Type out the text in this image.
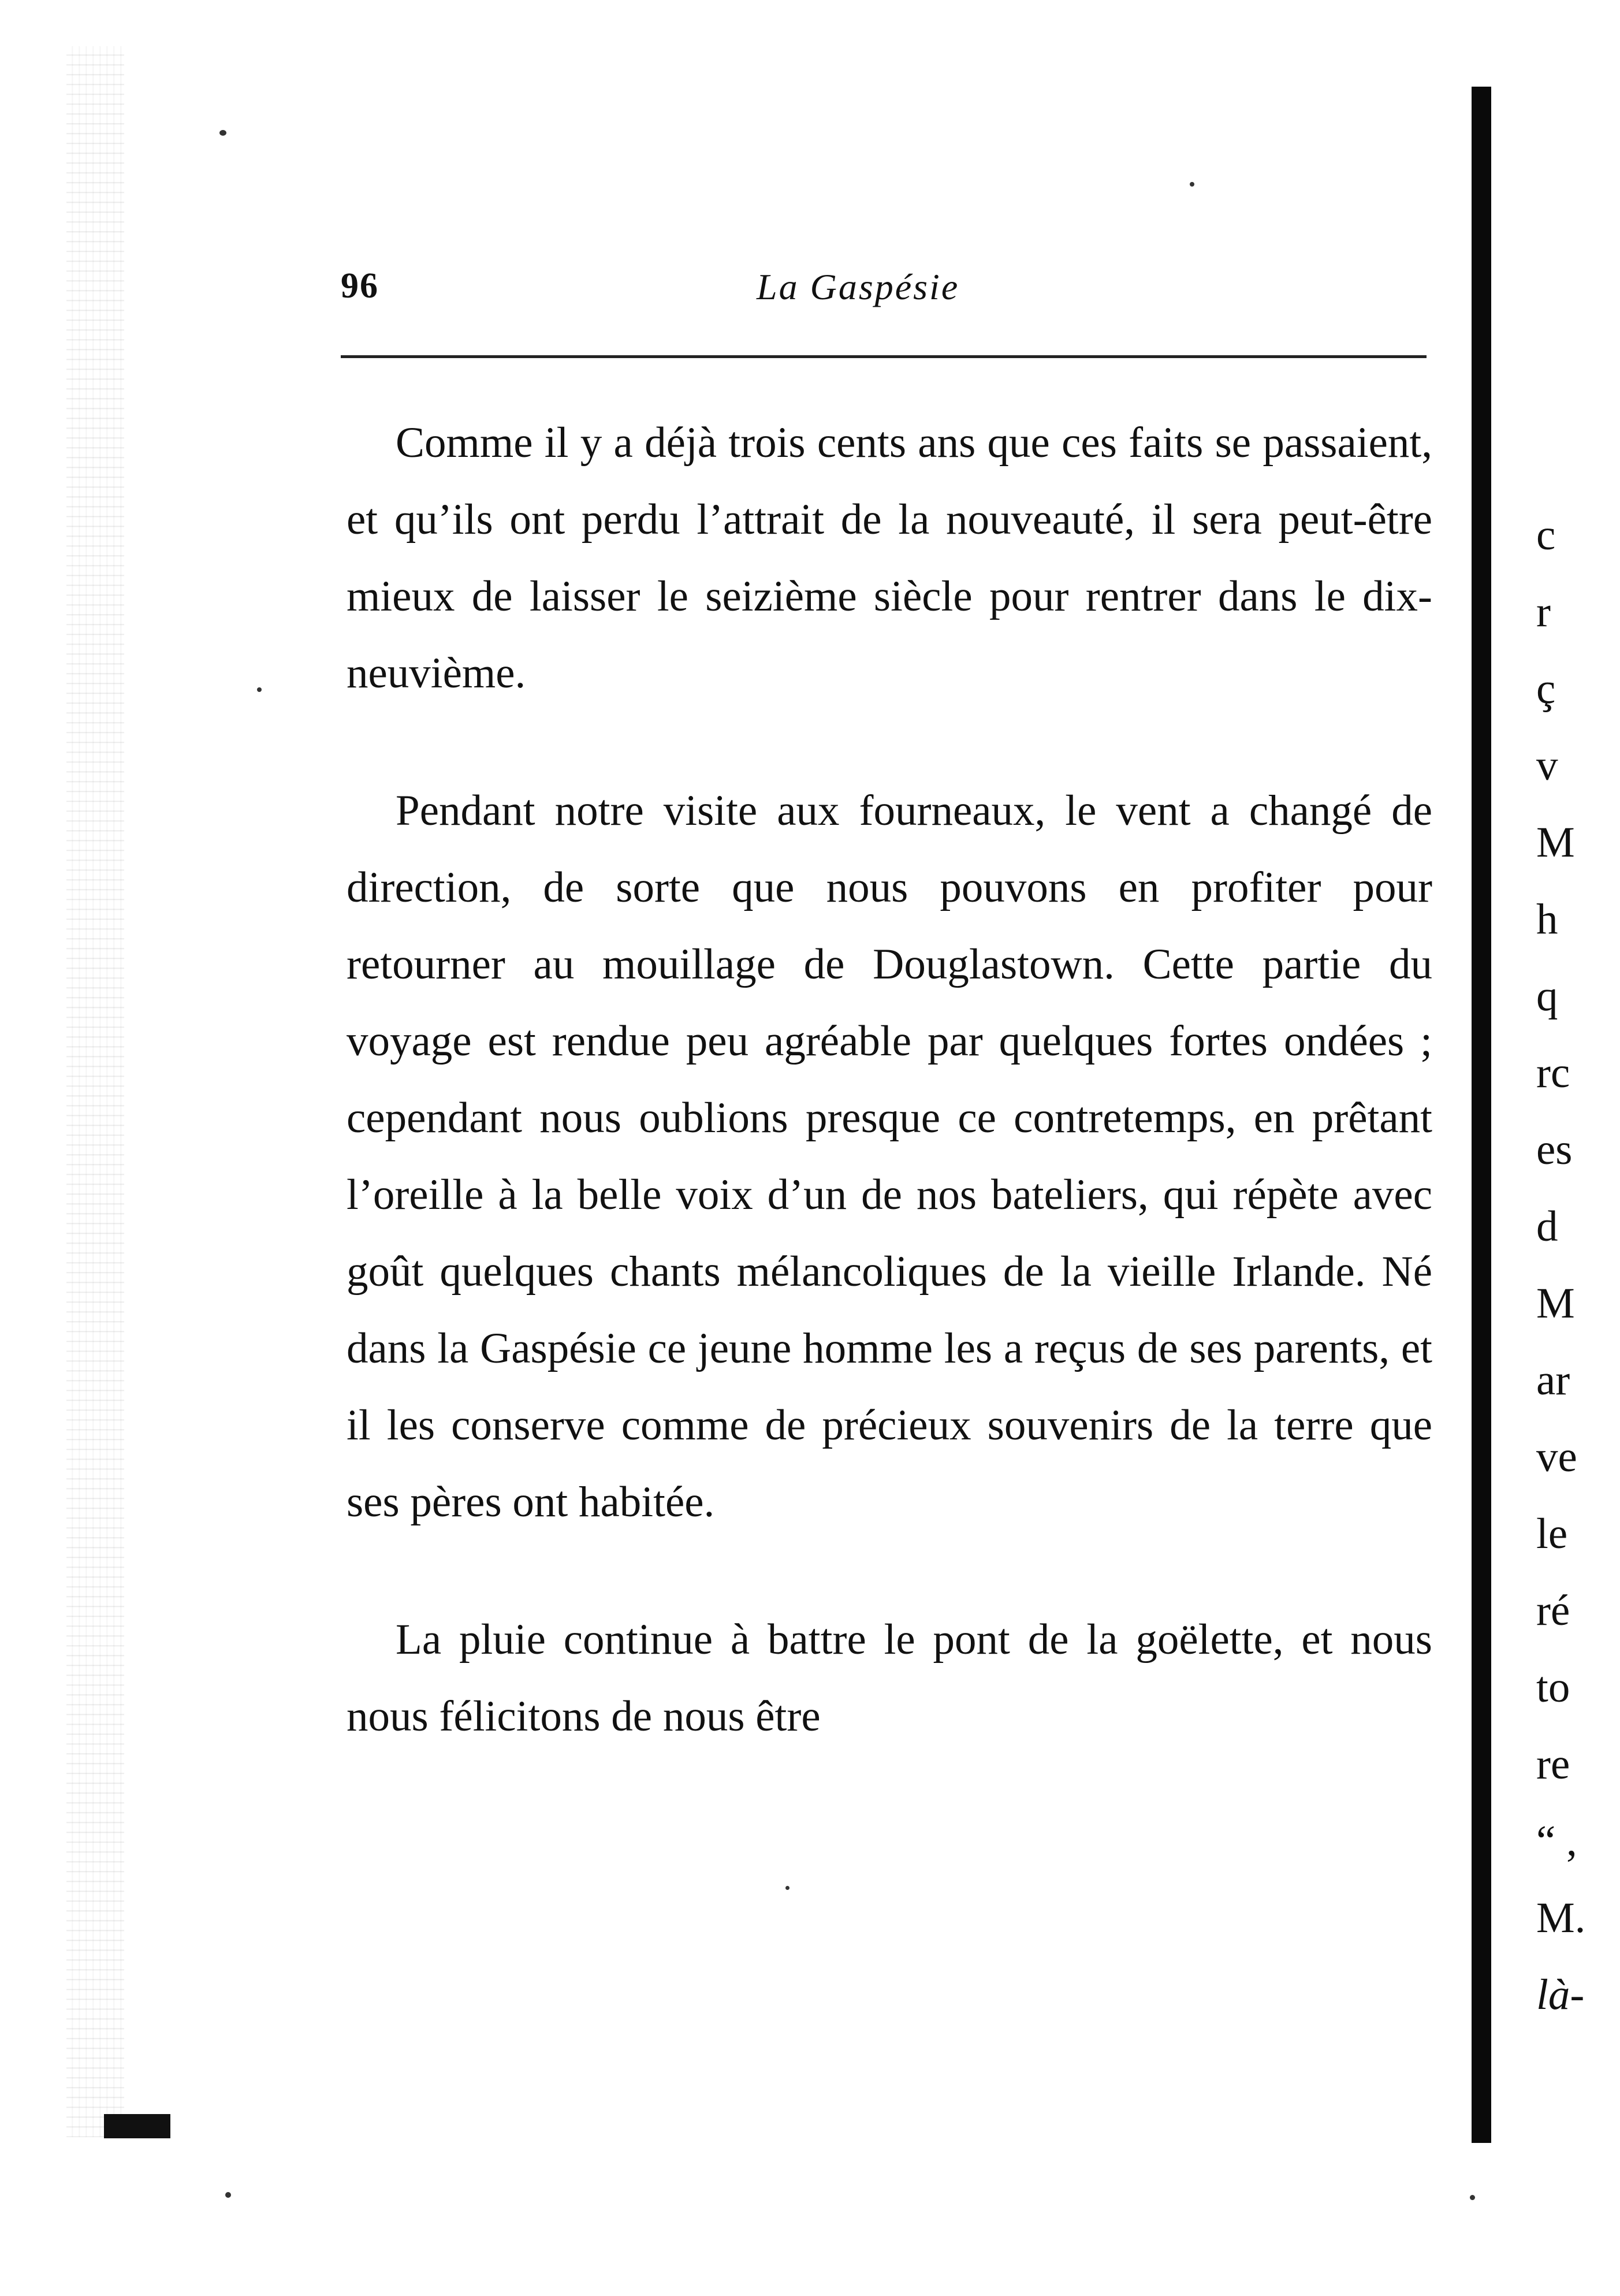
96	La Gaspésie

Comme il y a déjà trois cents ans que ces faits se passaient, et qu’ils ont perdu l’attrait de la nouveauté, il sera peut-être mieux de laisser le seizième siècle pour rentrer dans le dix-neuvième.

Pendant notre visite aux fourneaux, le vent a changé de direction, de sorte que nous pouvons en profiter pour retourner au mouillage de Douglastown. Cette partie du voyage est rendue peu agréable par quelques fortes ondées ; cependant nous oublions presque ce contretemps, en prêtant l’oreille à la belle voix d’un de nos bateliers, qui répète avec goût quelques chants mélancoliques de la vieille Irlande. Né dans la Gaspésie ce jeune homme les a reçus de ses parents, et il les conserve comme de précieux souvenirs de la terre que ses pères ont habitée.

La pluie continue à battre le pont de la goëlette, et nous nous félicitons de nous être

c
r
ç
v
M
h
q
rc
es
d
M
ar
ve
le
ré
to
re
“ ,
M.
là-
